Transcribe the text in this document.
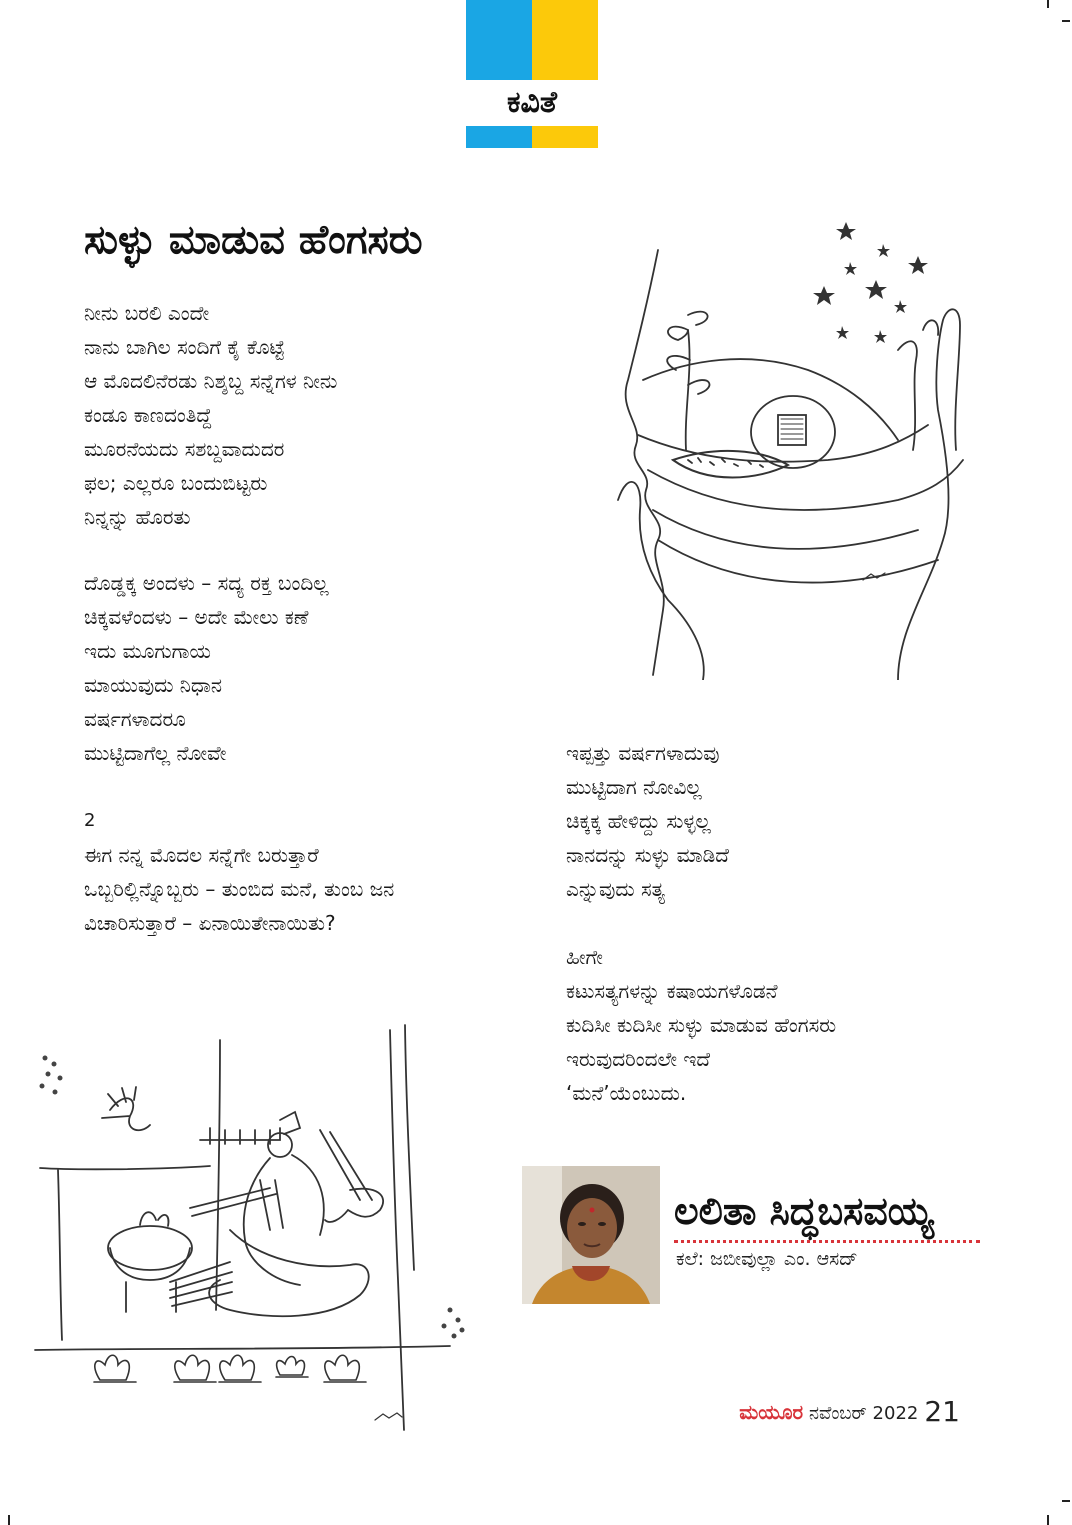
ಕವಿತೆ
ಸುಳ್ಳು ಮಾಡುವ ಹೆಂಗಸರು
ನೀನು ಬರಲಿ ಎಂದೇ
ನಾನು ಬಾಗಿಲ ಸಂದಿಗೆ ಕೈ ಕೊಟ್ಟೆ
ಆ ಮೊದಲಿನೆರಡು ನಿಶ್ಶಬ್ದ ಸನ್ನೆಗಳ ನೀನು
ಕಂಡೂ ಕಾಣದಂತಿದ್ದೆ
ಮೂರನೆಯದು ಸಶಬ್ದವಾದುದರ
ಫಲ; ಎಲ್ಲರೂ ಬಂದುಬಿಟ್ಟರು
ನಿನ್ನನ್ನು ಹೊರತು
ದೊಡ್ಡಕ್ಕ ಅಂದಳು – ಸದ್ಯ ರಕ್ತ ಬಂದಿಲ್ಲ
ಚಿಕ್ಕವಳೆಂದಳು – ಅದೇ ಮೇಲು ಕಣೆ
ಇದು ಮೂಗುಗಾಯ
ಮಾಯುವುದು ನಿಧಾನ
ವರ್ಷಗಳಾದರೂ
ಮುಟ್ಟಿದಾಗೆಲ್ಲ ನೋವೇ
2
ಈಗ ನನ್ನ ಮೊದಲ ಸನ್ನೆಗೇ ಬರುತ್ತಾರೆ
ಒಬ್ಬರಿಲ್ಲಿನ್ನೊಬ್ಬರು – ತುಂಬಿದ ಮನೆ, ತುಂಬ ಜನ
ವಿಚಾರಿಸುತ್ತಾರೆ – ಏನಾಯಿತೇನಾಯಿತು?
ಇಪ್ಪತ್ತು ವರ್ಷಗಳಾದುವು
ಮುಟ್ಟಿದಾಗ ನೋವಿಲ್ಲ
ಚಿಕ್ಕಕ್ಕ ಹೇಳಿದ್ದು ಸುಳ್ಳಲ್ಲ
ನಾನದನ್ನು ಸುಳ್ಳು ಮಾಡಿದೆ
ಎನ್ನುವುದು ಸತ್ಯ
ಹೀಗೇ
ಕಟುಸತ್ಯಗಳನ್ನು ಕಷಾಯಗಳೊಡನೆ
ಕುದಿಸೀ ಕುದಿಸೀ ಸುಳ್ಳು ಮಾಡುವ ಹೆಂಗಸರು
ಇರುವುದರಿಂದಲೇ ಇದೆ
‘ಮನೆ’ಯೆಂಬುದು.
ಲಲಿತಾ ಸಿದ್ಧಬಸವಯ್ಯ
ಕಲೆ: ಜಬೀವುಲ್ಲಾ ಎಂ. ಆಸದ್
ಮಯೂರ ನವೆಂಬರ್ 2022 21
